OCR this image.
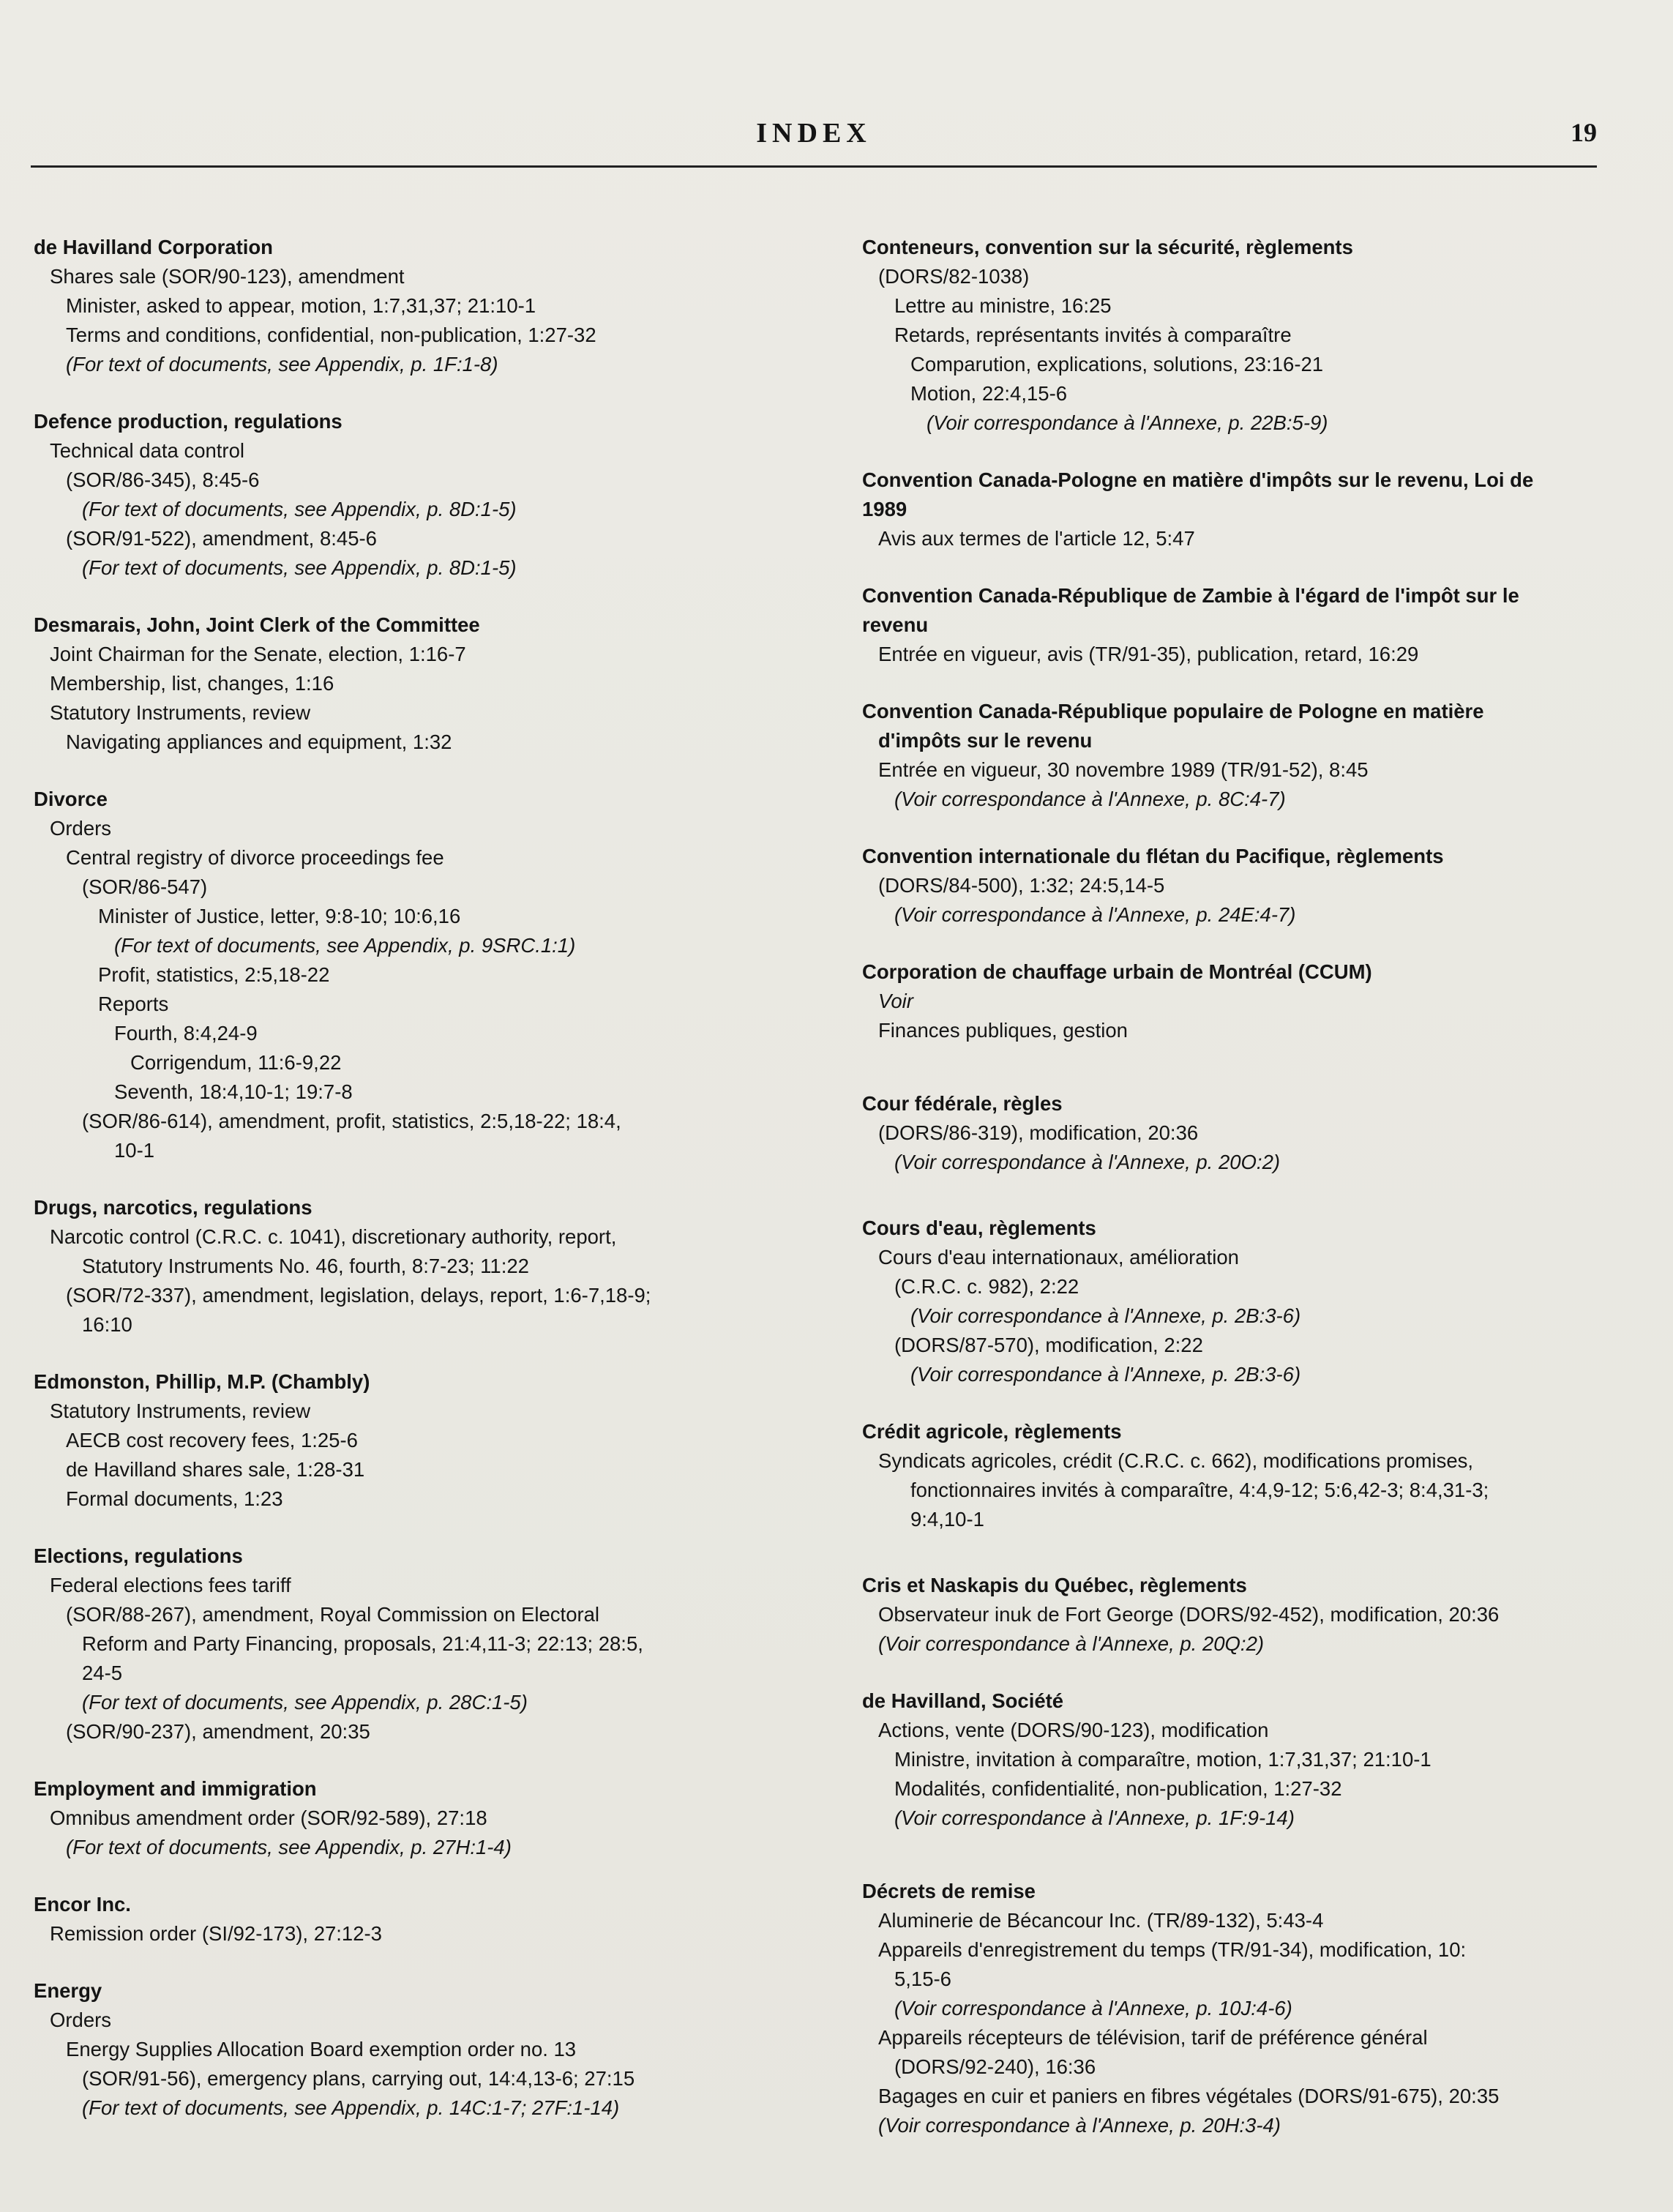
INDEX	19
de Havilland Corporation
Shares sale (SOR/90-123), amendment
Minister, asked to appear, motion, 1:7,31,37; 21:10-1
Terms and conditions, confidential, non-publication, 1:27-32
(For text of documents, see Appendix, p. 1F:1-8)
Defence production, regulations
Technical data control
(SOR/86-345), 8:45-6
(For text of documents, see Appendix, p. 8D:1-5)
(SOR/91-522), amendment, 8:45-6
(For text of documents, see Appendix, p. 8D:1-5)
Desmarais, John, Joint Clerk of the Committee
Joint Chairman for the Senate, election, 1:16-7
Membership, list, changes, 1:16
Statutory Instruments, review
Navigating appliances and equipment, 1:32
Divorce
Orders
Central registry of divorce proceedings fee
(SOR/86-547)
Minister of Justice, letter, 9:8-10; 10:6,16
(For text of documents, see Appendix, p. 9SRC.1:1)
Profit, statistics, 2:5,18-22
Reports
Fourth, 8:4,24-9
Corrigendum, 11:6-9,22
Seventh, 18:4,10-1; 19:7-8
(SOR/86-614), amendment, profit, statistics, 2:5,18-22; 18:4,
10-1
Drugs, narcotics, regulations
Narcotic control (C.R.C. c. 1041), discretionary authority, report,
Statutory Instruments No. 46, fourth, 8:7-23; 11:22
(SOR/72-337), amendment, legislation, delays, report, 1:6-7,18-9;
16:10
Edmonston, Phillip, M.P. (Chambly)
Statutory Instruments, review
AECB cost recovery fees, 1:25-6
de Havilland shares sale, 1:28-31
Formal documents, 1:23
Elections, regulations
Federal elections fees tariff
(SOR/88-267), amendment, Royal Commission on Electoral
Reform and Party Financing, proposals, 21:4,11-3; 22:13; 28:5,
24-5
(For text of documents, see Appendix, p. 28C:1-5)
(SOR/90-237), amendment, 20:35
Employment and immigration
Omnibus amendment order (SOR/92-589), 27:18
(For text of documents, see Appendix, p. 27H:1-4)
Encor Inc.
Remission order (SI/92-173), 27:12-3
Energy
Orders
Energy Supplies Allocation Board exemption order no. 13
(SOR/91-56), emergency plans, carrying out, 14:4,13-6; 27:15
(For text of documents, see Appendix, p. 14C:1-7; 27F:1-14)
Conteneurs, convention sur la sécurité, règlements
(DORS/82-1038)
Lettre au ministre, 16:25
Retards, représentants invités à comparaître
Comparution, explications, solutions, 23:16-21
Motion, 22:4,15-6
(Voir correspondance à l'Annexe, p. 22B:5-9)
Convention Canada-Pologne en matière d'impôts sur le revenu, Loi de
1989
Avis aux termes de l'article 12, 5:47
Convention Canada-République de Zambie à l'égard de l'impôt sur le
revenu
Entrée en vigueur, avis (TR/91-35), publication, retard, 16:29
Convention Canada-République populaire de Pologne en matière
d'impôts sur le revenu
Entrée en vigueur, 30 novembre 1989 (TR/91-52), 8:45
(Voir correspondance à l'Annexe, p. 8C:4-7)
Convention internationale du flétan du Pacifique, règlements
(DORS/84-500), 1:32; 24:5,14-5
(Voir correspondance à l'Annexe, p. 24E:4-7)
Corporation de chauffage urbain de Montréal (CCUM)
Voir
Finances publiques, gestion
Cour fédérale, règles
(DORS/86-319), modification, 20:36
(Voir correspondance à l'Annexe, p. 20O:2)
Cours d'eau, règlements
Cours d'eau internationaux, amélioration
(C.R.C. c. 982), 2:22
(Voir correspondance à l'Annexe, p. 2B:3-6)
(DORS/87-570), modification, 2:22
(Voir correspondance à l'Annexe, p. 2B:3-6)
Crédit agricole, règlements
Syndicats agricoles, crédit (C.R.C. c. 662), modifications promises,
fonctionnaires invités à comparaître, 4:4,9-12; 5:6,42-3; 8:4,31-3;
9:4,10-1
Cris et Naskapis du Québec, règlements
Observateur inuk de Fort George (DORS/92-452), modification, 20:36
(Voir correspondance à l'Annexe, p. 20Q:2)
de Havilland, Société
Actions, vente (DORS/90-123), modification
Ministre, invitation à comparaître, motion, 1:7,31,37; 21:10-1
Modalités, confidentialité, non-publication, 1:27-32
(Voir correspondance à l'Annexe, p. 1F:9-14)
Décrets de remise
Aluminerie de Bécancour Inc. (TR/89-132), 5:43-4
Appareils d'enregistrement du temps (TR/91-34), modification, 10:
5,15-6
(Voir correspondance à l'Annexe, p. 10J:4-6)
Appareils récepteurs de télévision, tarif de préférence général
(DORS/92-240), 16:36
Bagages en cuir et paniers en fibres végétales (DORS/91-675), 20:35
(Voir correspondance à l'Annexe, p. 20H:3-4)
